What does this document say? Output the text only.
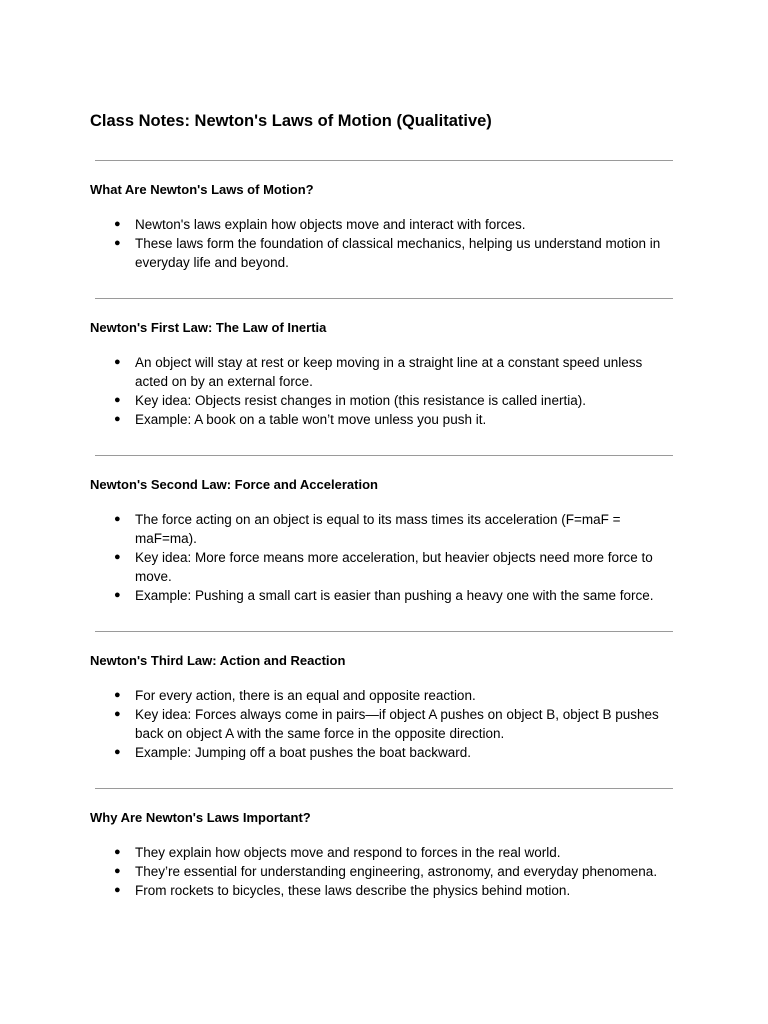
Class Notes: Newton's Laws of Motion (Qualitative)
What Are Newton's Laws of Motion?
● Newton's laws explain how objects move and interact with forces.
● These laws form the foundation of classical mechanics, helping us understand motion in everyday life and beyond.
Newton's First Law: The Law of Inertia
● An object will stay at rest or keep moving in a straight line at a constant speed unless acted on by an external force.
● Key idea: Objects resist changes in motion (this resistance is called inertia).
● Example: A book on a table won’t move unless you push it.
Newton's Second Law: Force and Acceleration
● The force acting on an object is equal to its mass times its acceleration (F=maF = maF=ma).
● Key idea: More force means more acceleration, but heavier objects need more force to move.
● Example: Pushing a small cart is easier than pushing a heavy one with the same force.
Newton's Third Law: Action and Reaction
● For every action, there is an equal and opposite reaction.
● Key idea: Forces always come in pairs—if object A pushes on object B, object B pushes back on object A with the same force in the opposite direction.
● Example: Jumping off a boat pushes the boat backward.
Why Are Newton's Laws Important?
● They explain how objects move and respond to forces in the real world.
● They’re essential for understanding engineering, astronomy, and everyday phenomena.
● From rockets to bicycles, these laws describe the physics behind motion.
